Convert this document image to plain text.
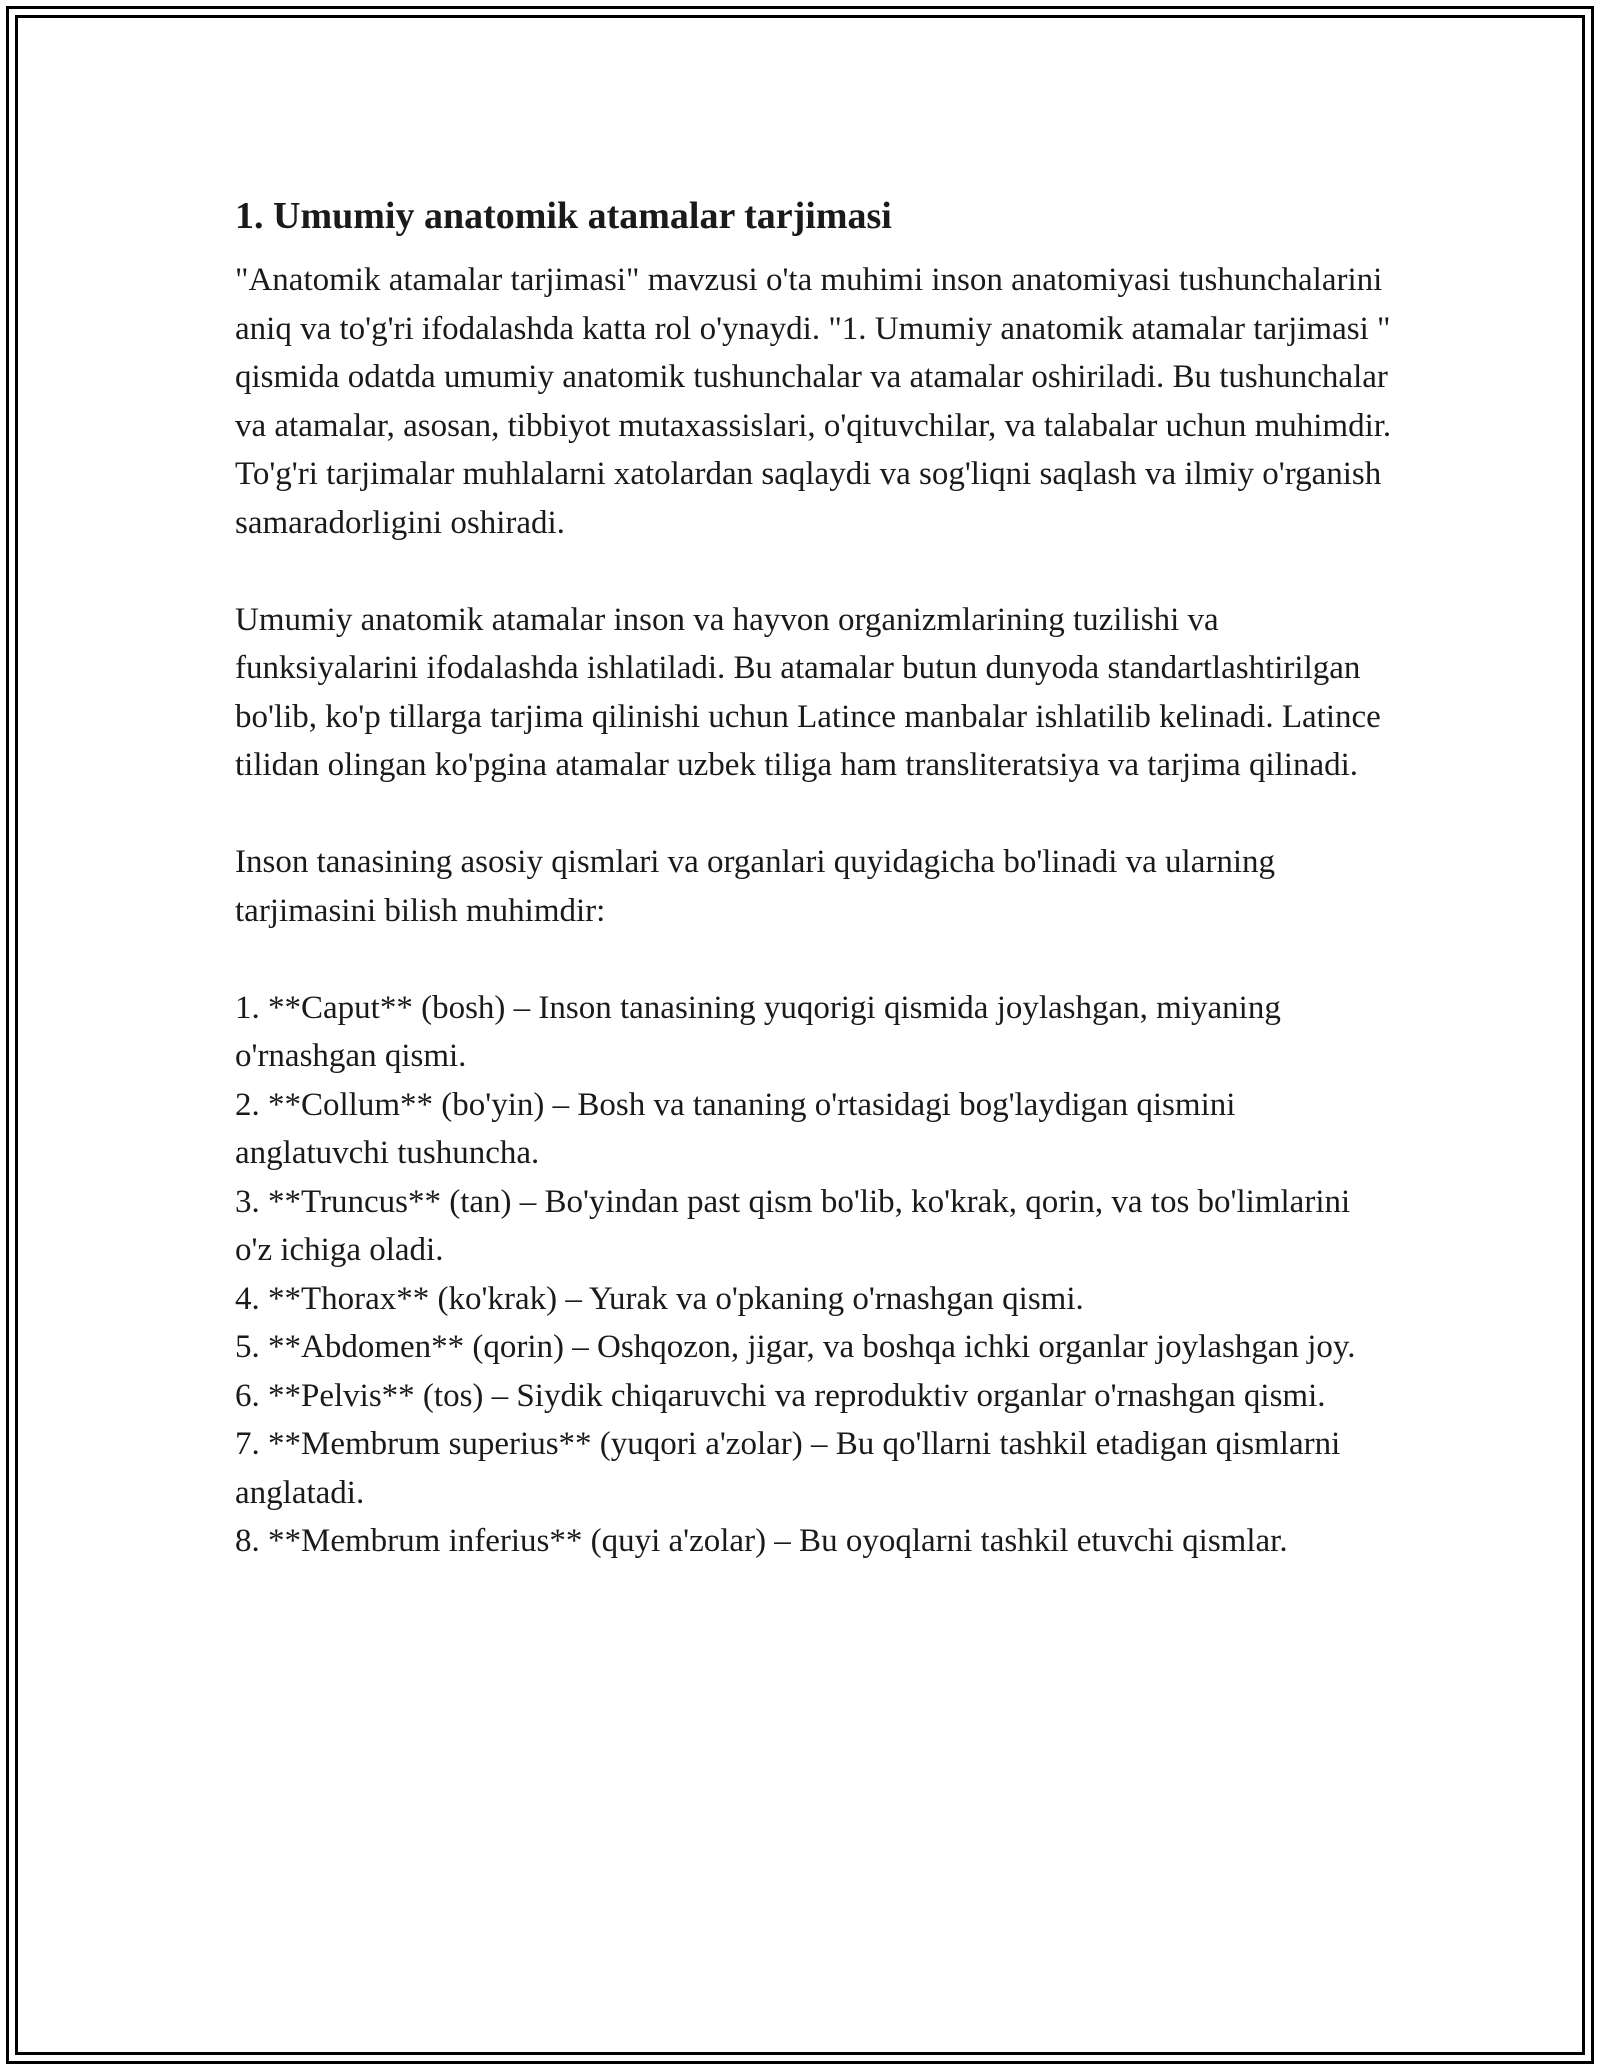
1. Umumiy anatomik atamalar tarjimasi

"Anatomik atamalar tarjimasi" mavzusi o'ta muhimi inson anatomiyasi tushunchalarini aniq va to'g'ri ifodalashda katta rol o'ynaydi. "1. Umumiy anatomik atamalar tarjimasi " qismida odatda umumiy anatomik tushunchalar va atamalar oshiriladi. Bu tushunchalar va atamalar, asosan, tibbiyot mutaxassislari, o'qituvchilar, va talabalar uchun muhimdir. To'g'ri tarjimalar muhlalarni xatolardan saqlaydi va sog'liqni saqlash va ilmiy o'rganish samaradorligini oshiradi.

Umumiy anatomik atamalar inson va hayvon organizmlarining tuzilishi va funksiyalarini ifodalashda ishlatiladi. Bu atamalar butun dunyoda standartlashtirilgan bo'lib, ko'p tillarga tarjima qilinishi uchun Latince manbalar ishlatilib kelinadi. Latince tilidan olingan ko'pgina atamalar uzbek tiliga ham transliteratsiya va tarjima qilinadi.

Inson tanasining asosiy qismlari va organlari quyidagicha bo'linadi va ularning tarjimasini bilish muhimdir:

1. **Caput** (bosh) – Inson tanasining yuqorigi qismida joylashgan, miyaning o'rnashgan qismi.
2. **Collum** (bo'yin) – Bosh va tananing o'rtasidagi bog'laydigan qismini anglatuvchi tushuncha.
3. **Truncus** (tan) – Bo'yindan past qism bo'lib, ko'krak, qorin, va tos bo'limlarini o'z ichiga oladi.
4. **Thorax** (ko'krak) – Yurak va o'pkaning o'rnashgan qismi.
5. **Abdomen** (qorin) – Oshqozon, jigar, va boshqa ichki organlar joylashgan joy.
6. **Pelvis** (tos) – Siydik chiqaruvchi va reproduktiv organlar o'rnashgan qismi.
7. **Membrum superius** (yuqori a'zolar) – Bu qo'llarni tashkil etadigan qismlarni anglatadi.
8. **Membrum inferius** (quyi a'zolar) – Bu oyoqlarni tashkil etuvchi qismlar.
